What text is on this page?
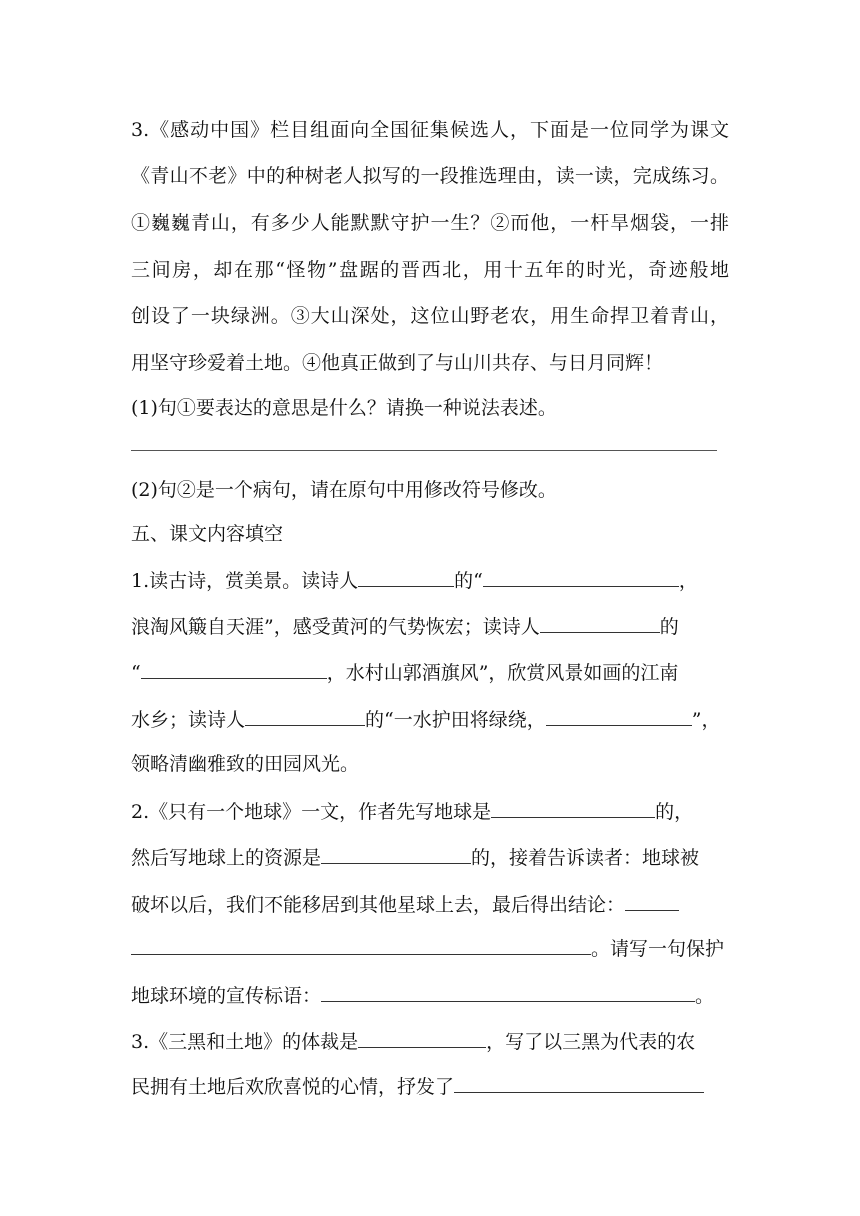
3.《感动中国》栏目组面向全国征集候选人，下面是一位同学为课文
《青山不老》中的种树老人拟写的一段推选理由，读一读，完成练习。
①巍巍青山，有多少人能默默守护一生？②而他，一杆旱烟袋，一排
三间房，却在那“怪物”盘踞的晋西北，用十五年的时光，奇迹般地
创设了一块绿洲。③大山深处，这位山野老农，用生命捍卫着青山，
用坚守珍爱着土地。④他真正做到了与山川共存、与日月同辉！
(1)句①要表达的意思是什么？请换一种说法表述。
(2)句②是一个病句，请在原句中用修改符号修改。
五、课文内容填空
1.读古诗，赏美景。读诗人	的“	，
浪淘风簸自天涯”，感受黄河的气势恢宏；读诗人	的
“	，水村山郭酒旗风”，欣赏风景如画的江南
水乡；读诗人	的“一水护田将绿绕，	”，
领略清幽雅致的田园风光。
2.《只有一个地球》一文，作者先写地球是	的，
然后写地球上的资源是	的，接着告诉读者：地球被
破坏以后，我们不能移居到其他星球上去，最后得出结论：
。请写一句保护
地球环境的宣传标语：	。
3.《三黑和土地》的体裁是	，写了以三黑为代表的农
民拥有土地后欢欣喜悦的心情，抒发了
